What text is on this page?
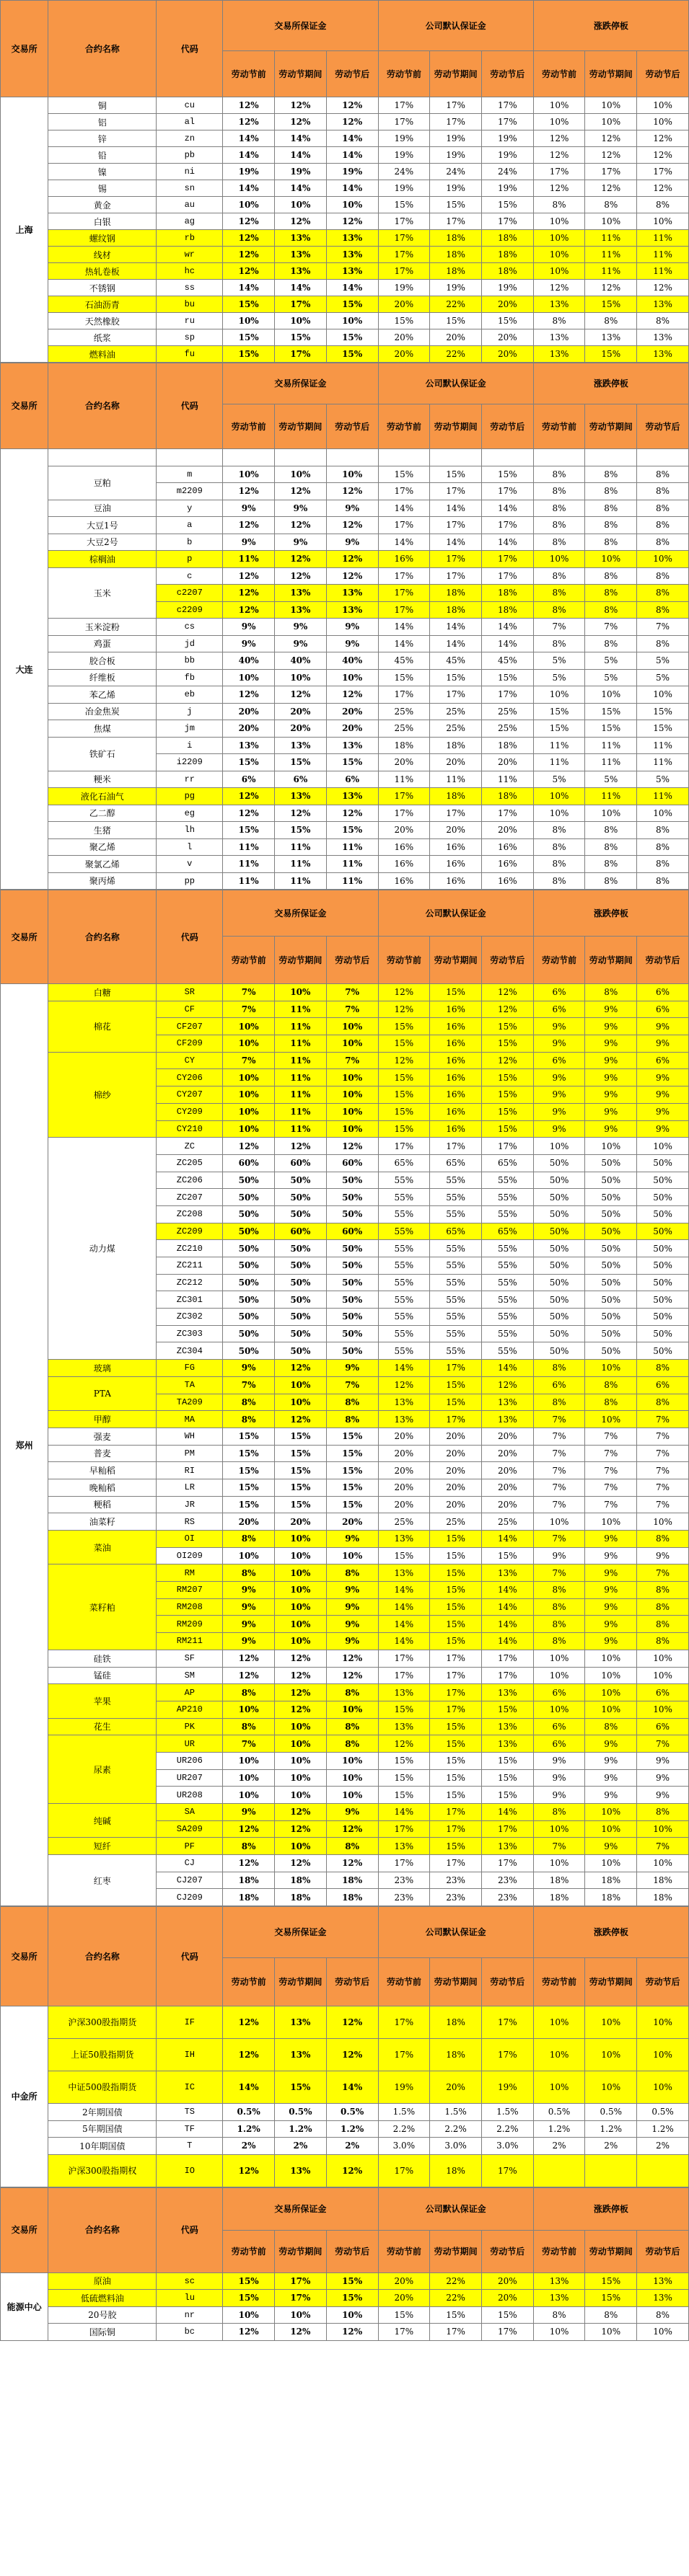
交易所	合约名称	代码	交易所保证金			公司默认保证金			涨跌停板		
			劳动节前	劳动节期间	劳动节后	劳动节前	劳动节期间	劳动节后	劳动节前	劳动节期间	劳动节后
上海	铜	cu	12%	12%	12%	17%	17%	17%	10%	10%	10%
	铝	al	12%	12%	12%	17%	17%	17%	10%	10%	10%
	锌	zn	14%	14%	14%	19%	19%	19%	12%	12%	12%
	铅	pb	14%	14%	14%	19%	19%	19%	12%	12%	12%
	镍	ni	19%	19%	19%	24%	24%	24%	17%	17%	17%
	锡	sn	14%	14%	14%	19%	19%	19%	12%	12%	12%
	黄金	au	10%	10%	10%	15%	15%	15%	8%	8%	8%
	白银	ag	12%	12%	12%	17%	17%	17%	10%	10%	10%
	螺纹钢	rb	12%	13%	13%	17%	18%	18%	10%	11%	11%
	线材	wr	12%	13%	13%	17%	18%	18%	10%	11%	11%
	热轧卷板	hc	12%	13%	13%	17%	18%	18%	10%	11%	11%
	不锈钢	ss	14%	14%	14%	19%	19%	19%	12%	12%	12%
	石油沥青	bu	15%	17%	15%	20%	22%	20%	13%	15%	13%
	天然橡胶	ru	10%	10%	10%	15%	15%	15%	8%	8%	8%
	纸浆	sp	15%	15%	15%	20%	20%	20%	13%	13%	13%
	燃料油	fu	15%	17%	15%	20%	22%	20%	13%	15%	13%
交易所	合约名称	代码	交易所保证金			公司默认保证金			涨跌停板		
			劳动节前	劳动节期间	劳动节后	劳动节前	劳动节期间	劳动节后	劳动节前	劳动节期间	劳动节后
大连											
	豆粕	m	10%	10%	10%	15%	15%	15%	8%	8%	8%
		m2209	12%	12%	12%	17%	17%	17%	8%	8%	8%
	豆油	y	9%	9%	9%	14%	14%	14%	8%	8%	8%
	大豆1号	a	12%	12%	12%	17%	17%	17%	8%	8%	8%
	大豆2号	b	9%	9%	9%	14%	14%	14%	8%	8%	8%
	棕榈油	p	11%	12%	12%	16%	17%	17%	10%	10%	10%
	玉米	c	12%	12%	12%	17%	17%	17%	8%	8%	8%
		c2207	12%	13%	13%	17%	18%	18%	8%	8%	8%
		c2209	12%	13%	13%	17%	18%	18%	8%	8%	8%
	玉米淀粉	cs	9%	9%	9%	14%	14%	14%	7%	7%	7%
	鸡蛋	jd	9%	9%	9%	14%	14%	14%	8%	8%	8%
	胶合板	bb	40%	40%	40%	45%	45%	45%	5%	5%	5%
	纤维板	fb	10%	10%	10%	15%	15%	15%	5%	5%	5%
	苯乙烯	eb	12%	12%	12%	17%	17%	17%	10%	10%	10%
	冶金焦炭	j	20%	20%	20%	25%	25%	25%	15%	15%	15%
	焦煤	jm	20%	20%	20%	25%	25%	25%	15%	15%	15%
	铁矿石	i	13%	13%	13%	18%	18%	18%	11%	11%	11%
		i2209	15%	15%	15%	20%	20%	20%	11%	11%	11%
	粳米	rr	6%	6%	6%	11%	11%	11%	5%	5%	5%
	液化石油气	pg	12%	13%	13%	17%	18%	18%	10%	11%	11%
	乙二醇	eg	12%	12%	12%	17%	17%	17%	10%	10%	10%
	生猪	lh	15%	15%	15%	20%	20%	20%	8%	8%	8%
	聚乙烯	l	11%	11%	11%	16%	16%	16%	8%	8%	8%
	聚氯乙烯	v	11%	11%	11%	16%	16%	16%	8%	8%	8%
	聚丙烯	pp	11%	11%	11%	16%	16%	16%	8%	8%	8%
交易所	合约名称	代码	交易所保证金			公司默认保证金			涨跌停板		
			劳动节前	劳动节期间	劳动节后	劳动节前	劳动节期间	劳动节后	劳动节前	劳动节期间	劳动节后
郑州	白糖	SR	7%	10%	7%	12%	15%	12%	6%	8%	6%
	棉花	CF	7%	11%	7%	12%	16%	12%	6%	9%	6%
		CF207	10%	11%	10%	15%	16%	15%	9%	9%	9%
		CF209	10%	11%	10%	15%	16%	15%	9%	9%	9%
	棉纱	CY	7%	11%	7%	12%	16%	12%	6%	9%	6%
		CY206	10%	11%	10%	15%	16%	15%	9%	9%	9%
		CY207	10%	11%	10%	15%	16%	15%	9%	9%	9%
		CY209	10%	11%	10%	15%	16%	15%	9%	9%	9%
		CY210	10%	11%	10%	15%	16%	15%	9%	9%	9%
	动力煤	ZC	12%	12%	12%	17%	17%	17%	10%	10%	10%
		ZC205	60%	60%	60%	65%	65%	65%	50%	50%	50%
		ZC206	50%	50%	50%	55%	55%	55%	50%	50%	50%
		ZC207	50%	50%	50%	55%	55%	55%	50%	50%	50%
		ZC208	50%	50%	50%	55%	55%	55%	50%	50%	50%
		ZC209	50%	60%	60%	55%	65%	65%	50%	50%	50%
		ZC210	50%	50%	50%	55%	55%	55%	50%	50%	50%
		ZC211	50%	50%	50%	55%	55%	55%	50%	50%	50%
		ZC212	50%	50%	50%	55%	55%	55%	50%	50%	50%
		ZC301	50%	50%	50%	55%	55%	55%	50%	50%	50%
		ZC302	50%	50%	50%	55%	55%	55%	50%	50%	50%
		ZC303	50%	50%	50%	55%	55%	55%	50%	50%	50%
		ZC304	50%	50%	50%	55%	55%	55%	50%	50%	50%
	玻璃	FG	9%	12%	9%	14%	17%	14%	8%	10%	8%
	PTA	TA	7%	10%	7%	12%	15%	12%	6%	8%	6%
		TA209	8%	10%	8%	13%	15%	13%	8%	8%	8%
	甲醇	MA	8%	12%	8%	13%	17%	13%	7%	10%	7%
	强麦	WH	15%	15%	15%	20%	20%	20%	7%	7%	7%
	普麦	PM	15%	15%	15%	20%	20%	20%	7%	7%	7%
	早籼稻	RI	15%	15%	15%	20%	20%	20%	7%	7%	7%
	晚籼稻	LR	15%	15%	15%	20%	20%	20%	7%	7%	7%
	粳稻	JR	15%	15%	15%	20%	20%	20%	7%	7%	7%
	油菜籽	RS	20%	20%	20%	25%	25%	25%	10%	10%	10%
	菜油	OI	8%	10%	9%	13%	15%	14%	7%	9%	8%
		OI209	10%	10%	10%	15%	15%	15%	9%	9%	9%
	菜籽粕	RM	8%	10%	8%	13%	15%	13%	7%	9%	7%
		RM207	9%	10%	9%	14%	15%	14%	8%	9%	8%
		RM208	9%	10%	9%	14%	15%	14%	8%	9%	8%
		RM209	9%	10%	9%	14%	15%	14%	8%	9%	8%
		RM211	9%	10%	9%	14%	15%	14%	8%	9%	8%
	硅铁	SF	12%	12%	12%	17%	17%	17%	10%	10%	10%
	锰硅	SM	12%	12%	12%	17%	17%	17%	10%	10%	10%
	苹果	AP	8%	12%	8%	13%	17%	13%	6%	10%	6%
		AP210	10%	12%	10%	15%	17%	15%	10%	10%	10%
	花生	PK	8%	10%	8%	13%	15%	13%	6%	8%	6%
	尿素	UR	7%	10%	8%	12%	15%	13%	6%	9%	7%
		UR206	10%	10%	10%	15%	15%	15%	9%	9%	9%
		UR207	10%	10%	10%	15%	15%	15%	9%	9%	9%
		UR208	10%	10%	10%	15%	15%	15%	9%	9%	9%
	纯碱	SA	9%	12%	9%	14%	17%	14%	8%	10%	8%
		SA209	12%	12%	12%	17%	17%	17%	10%	10%	10%
	短纤	PF	8%	10%	8%	13%	15%	13%	7%	9%	7%
	红枣	CJ	12%	12%	12%	17%	17%	17%	10%	10%	10%
		CJ207	18%	18%	18%	23%	23%	23%	18%	18%	18%
		CJ209	18%	18%	18%	23%	23%	23%	18%	18%	18%
交易所	合约名称	代码	交易所保证金			公司默认保证金			涨跌停板		
			劳动节前	劳动节期间	劳动节后	劳动节前	劳动节期间	劳动节后	劳动节前	劳动节期间	劳动节后
中金所	沪深300股指期货	IF	12%	13%	12%	17%	18%	17%	10%	10%	10%
	上证50股指期货	IH	12%	13%	12%	17%	18%	17%	10%	10%	10%
	中证500股指期货	IC	14%	15%	14%	19%	20%	19%	10%	10%	10%
	2年期国债	TS	0.5%	0.5%	0.5%	1.5%	1.5%	1.5%	0.5%	0.5%	0.5%
	5年期国债	TF	1.2%	1.2%	1.2%	2.2%	2.2%	2.2%	1.2%	1.2%	1.2%
	10年期国债	T	2%	2%	2%	3.0%	3.0%	3.0%	2%	2%	2%
	沪深300股指期权	IO	12%	13%	12%	17%	18%	17%			
交易所	合约名称	代码	交易所保证金			公司默认保证金			涨跌停板		
			劳动节前	劳动节期间	劳动节后	劳动节前	劳动节期间	劳动节后	劳动节前	劳动节期间	劳动节后
能源中心	原油	sc	15%	17%	15%	20%	22%	20%	13%	15%	13%
	低硫燃料油	lu	15%	17%	15%	20%	22%	20%	13%	15%	13%
	20号胶	nr	10%	10%	10%	15%	15%	15%	8%	8%	8%
	国际铜	bc	12%	12%	12%	17%	17%	17%	10%	10%	10%
